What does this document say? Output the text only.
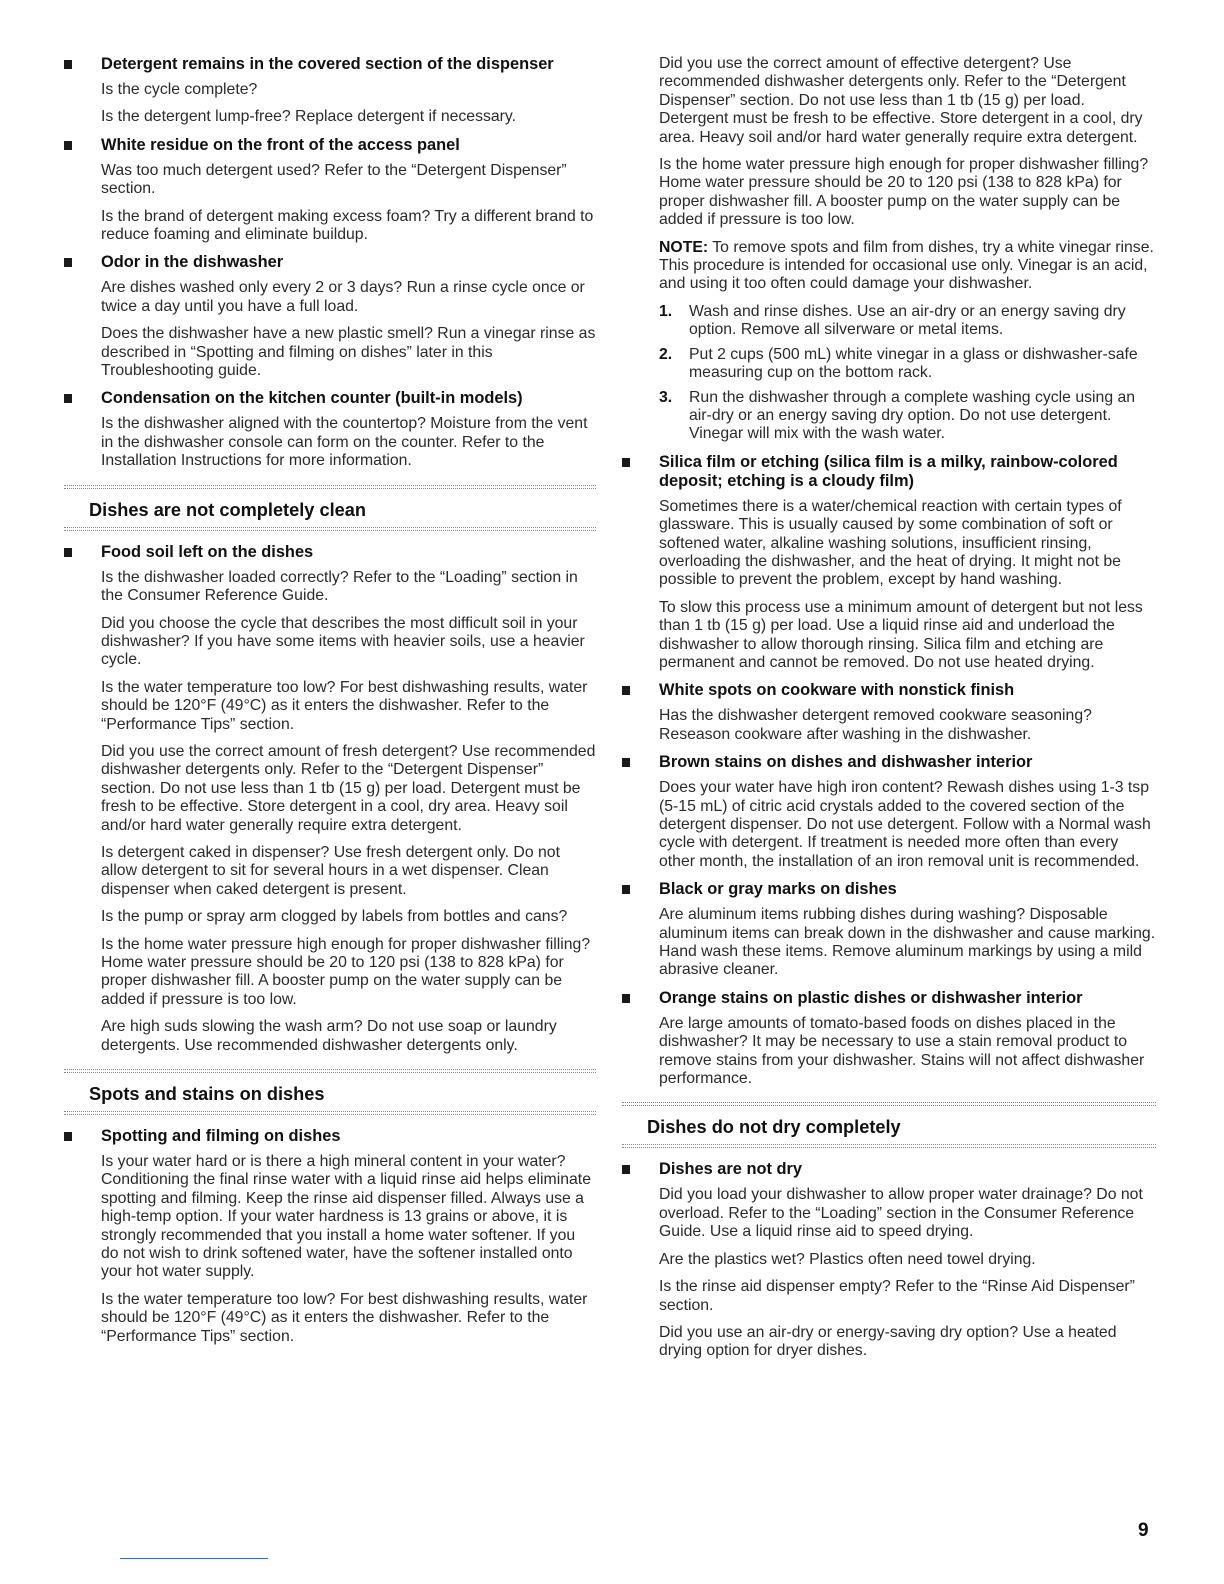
Detergent remains in the covered section of the dispenser

Is the cycle complete?

Is the detergent lump-free? Replace detergent if necessary.

White residue on the front of the access panel

Was too much detergent used? Refer to the “Detergent Dispenser” section.

Is the brand of detergent making excess foam? Try a different brand to reduce foaming and eliminate buildup.

Odor in the dishwasher

Are dishes washed only every 2 or 3 days? Run a rinse cycle once or twice a day until you have a full load.

Does the dishwasher have a new plastic smell? Run a vinegar rinse as described in “Spotting and filming on dishes” later in this Troubleshooting guide.

Condensation on the kitchen counter (built-in models)

Is the dishwasher aligned with the countertop? Moisture from the vent in the dishwasher console can form on the counter. Refer to the Installation Instructions for more information.

Dishes are not completely clean
Food soil left on the dishes

Is the dishwasher loaded correctly? Refer to the “Loading” section in the Consumer Reference Guide.

Did you choose the cycle that describes the most difficult soil in your dishwasher? If you have some items with heavier soils, use a heavier cycle.

Is the water temperature too low? For best dishwashing results, water should be 120°F (49°C) as it enters the dishwasher. Refer to the “Performance Tips” section.

Did you use the correct amount of fresh detergent? Use recommended dishwasher detergents only. Refer to the “Detergent Dispenser” section. Do not use less than 1 tb (15 g) per load. Detergent must be fresh to be effective. Store detergent in a cool, dry area. Heavy soil and/or hard water generally require extra detergent.

Is detergent caked in dispenser? Use fresh detergent only. Do not allow detergent to sit for several hours in a wet dispenser. Clean dispenser when caked detergent is present.

Is the pump or spray arm clogged by labels from bottles and cans?

Is the home water pressure high enough for proper dishwasher filling? Home water pressure should be 20 to 120 psi (138 to 828 kPa) for proper dishwasher fill. A booster pump on the water supply can be added if pressure is too low.

Are high suds slowing the wash arm? Do not use soap or laundry detergents. Use recommended dishwasher detergents only.

Spots and stains on dishes
Spotting and filming on dishes

Is your water hard or is there a high mineral content in your water? Conditioning the final rinse water with a liquid rinse aid helps eliminate spotting and filming. Keep the rinse aid dispenser filled. Always use a high-temp option. If your water hardness is 13 grains or above, it is strongly recommended that you install a home water softener. If you do not wish to drink softened water, have the softener installed onto your hot water supply.

Is the water temperature too low? For best dishwashing results, water should be 120°F (49°C) as it enters the dishwasher. Refer to the “Performance Tips” section.

Did you use the correct amount of effective detergent? Use recommended dishwasher detergents only. Refer to the “Detergent Dispenser” section. Do not use less than 1 tb (15 g) per load. Detergent must be fresh to be effective. Store detergent in a cool, dry area. Heavy soil and/or hard water generally require extra detergent.

Is the home water pressure high enough for proper dishwasher filling? Home water pressure should be 20 to 120 psi (138 to 828 kPa) for proper dishwasher fill. A booster pump on the water supply can be added if pressure is too low.

NOTE: To remove spots and film from dishes, try a white vinegar rinse. This procedure is intended for occasional use only. Vinegar is an acid, and using it too often could damage your dishwasher.

1. Wash and rinse dishes. Use an air-dry or an energy saving dry option. Remove all silverware or metal items.
2. Put 2 cups (500 mL) white vinegar in a glass or dishwasher-safe measuring cup on the bottom rack.
3. Run the dishwasher through a complete washing cycle using an air-dry or an energy saving dry option. Do not use detergent. Vinegar will mix with the wash water.
Silica film or etching (silica film is a milky, rainbow-colored deposit; etching is a cloudy film)

Sometimes there is a water/chemical reaction with certain types of glassware. This is usually caused by some combination of soft or softened water, alkaline washing solutions, insufficient rinsing, overloading the dishwasher, and the heat of drying. It might not be possible to prevent the problem, except by hand washing.

To slow this process use a minimum amount of detergent but not less than 1 tb (15 g) per load. Use a liquid rinse aid and underload the dishwasher to allow thorough rinsing. Silica film and etching are permanent and cannot be removed. Do not use heated drying.

White spots on cookware with nonstick finish

Has the dishwasher detergent removed cookware seasoning? Reseason cookware after washing in the dishwasher.

Brown stains on dishes and dishwasher interior

Does your water have high iron content? Rewash dishes using 1-3 tsp (5-15 mL) of citric acid crystals added to the covered section of the detergent dispenser. Do not use detergent. Follow with a Normal wash cycle with detergent. If treatment is needed more often than every other month, the installation of an iron removal unit is recommended.

Black or gray marks on dishes

Are aluminum items rubbing dishes during washing? Disposable aluminum items can break down in the dishwasher and cause marking. Hand wash these items. Remove aluminum markings by using a mild abrasive cleaner.

Orange stains on plastic dishes or dishwasher interior

Are large amounts of tomato-based foods on dishes placed in the dishwasher? It may be necessary to use a stain removal product to remove stains from your dishwasher. Stains will not affect dishwasher performance.

Dishes do not dry completely
Dishes are not dry

Did you load your dishwasher to allow proper water drainage? Do not overload. Refer to the “Loading” section in the Consumer Reference Guide. Use a liquid rinse aid to speed drying.

Are the plastics wet? Plastics often need towel drying.

Is the rinse aid dispenser empty? Refer to the “Rinse Aid Dispenser” section.

Did you use an air-dry or energy-saving dry option? Use a heated drying option for dryer dishes.

9
